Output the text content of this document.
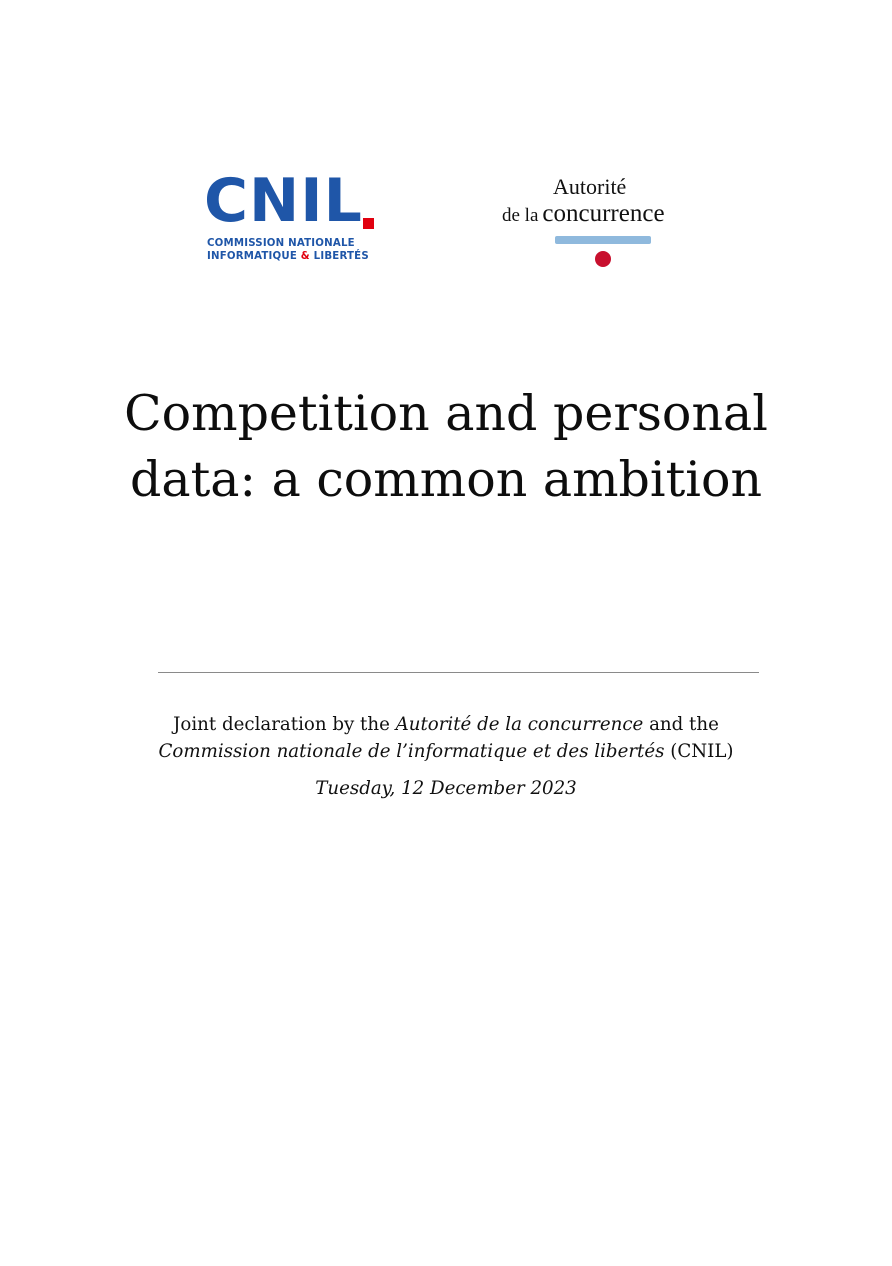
CNIL
COMMISSION NATIONALE
INFORMATIQUE & LIBERTÉS
Autorité
de la concurrence
Competition and personal
data: a common ambition
Joint declaration by the Autorité de la concurrence and the
Commission nationale de l’informatique et des libertés (CNIL)
Tuesday, 12 December 2023
